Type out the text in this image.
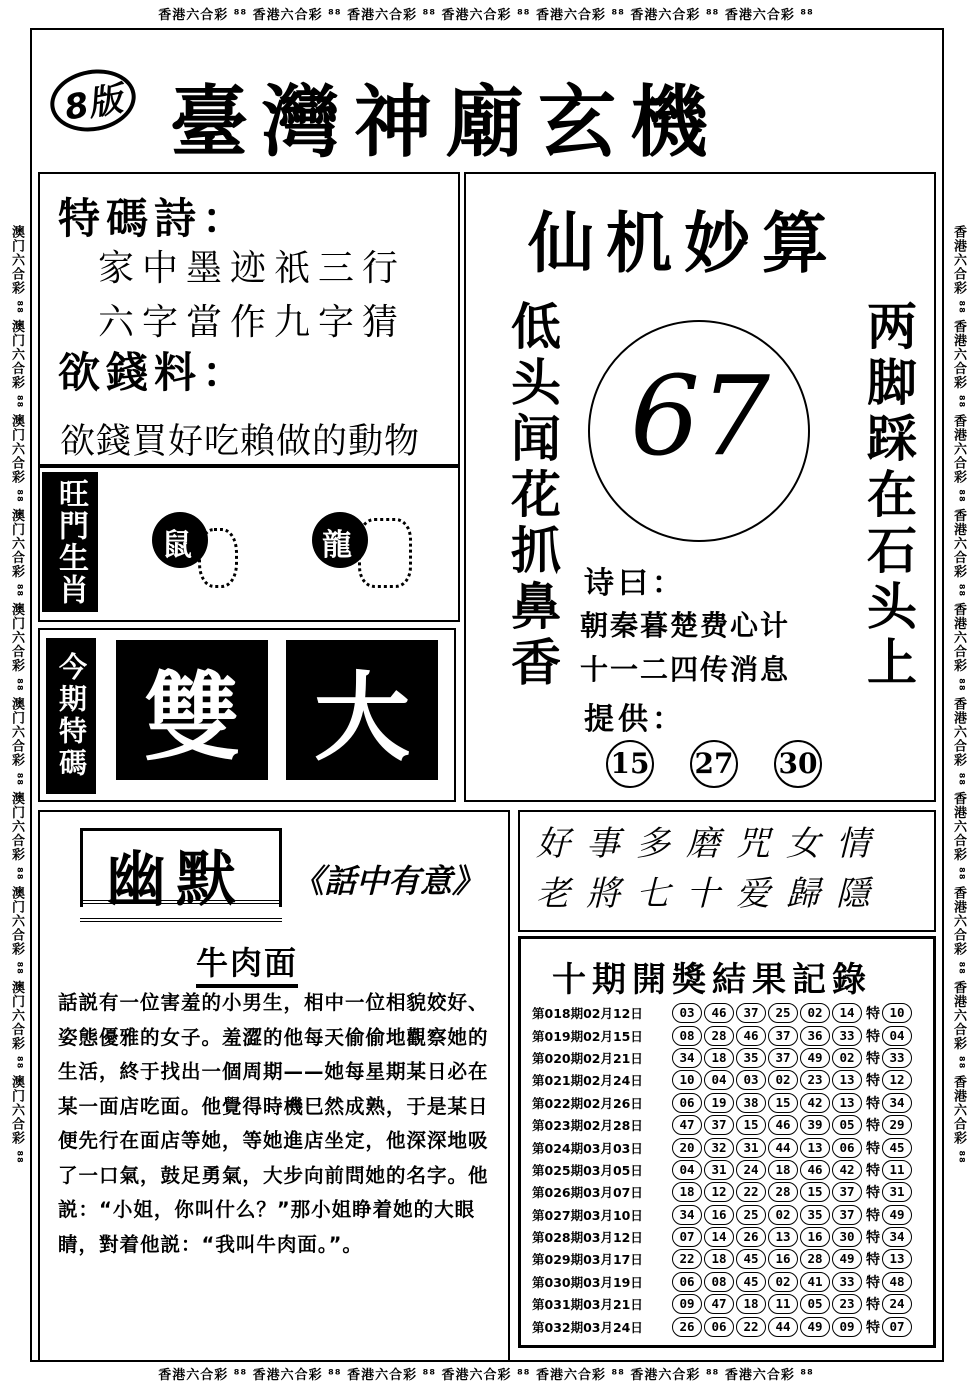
香港六合彩 ⁸⁸ 香港六合彩 ⁸⁸ 香港六合彩 ⁸⁸ 香港六合彩 ⁸⁸ 香港六合彩 ⁸⁸ 香港六合彩 ⁸⁸ 香港六合彩 ⁸⁸
香港六合彩 ⁸⁸ 香港六合彩 ⁸⁸ 香港六合彩 ⁸⁸ 香港六合彩 ⁸⁸ 香港六合彩 ⁸⁸ 香港六合彩 ⁸⁸ 香港六合彩 ⁸⁸
澳门六合彩 ⁸⁸ 澳门六合彩 ⁸⁸ 澳门六合彩 ⁸⁸ 澳门六合彩 ⁸⁸ 澳门六合彩 ⁸⁸ 澳门六合彩 ⁸⁸ 澳门六合彩 ⁸⁸ 澳门六合彩 ⁸⁸ 澳门六合彩 ⁸⁸ 澳门六合彩 ⁸⁸	香港六合彩 ⁸⁸ 香港六合彩 ⁸⁸ 香港六合彩 ⁸⁸ 香港六合彩 ⁸⁸ 香港六合彩 ⁸⁸ 香港六合彩 ⁸⁸ 香港六合彩 ⁸⁸ 香港六合彩 ⁸⁸ 香港六合彩 ⁸⁸ 香港六合彩 ⁸⁸
8版 臺灣神廟玄機
特碼詩：
家中墨迹祇三行
六字當作九字猜
欲錢料：
欲錢買好吃賴做的動物
旺門生肖 鼠	龍
今期特碼 雙 大
仙机妙算
低头闻花抓鼻香	两脚踩在石头上
67
诗曰：
朝秦暮楚费心计
十一二四传消息
提供：
15 27 30
幽默 《話中有意》
牛肉面
話説有一位害羞的小男生，相中一位相貌姣好、姿態優雅的女子。羞澀的他每天偷偷地觀察她的生活，終于找出一個周期——她每星期某日必在某一面店吃面。他覺得時機巳然成熟，于是某日便先行在面店等她，等她進店坐定，他深深地吸了一口氣，鼓足勇氣，大步向前問她的名字。他説：“小姐，你叫什么？”那小姐睁着她的大眼睛，對着他説：“我叫牛肉面。”。
好事多磨咒女情
老將七十爱歸隱
十期開獎結果記錄
第018期02月12日	03	46	37	25	02	14 特 10
第019期02月15日	08	28	46	37	36	33 特 04
第020期02月21日	34	18	35	37	49	02 特 33
第021期02月24日	10	04	03	02	23	13 特 12
第022期02月26日	06	19	38	15	42	13 特 34
第023期02月28日	47	37	15	46	39	05 特 29
第024期03月03日	20	32	31	44	13	06 特 45
第025期03月05日	04	31	24	18	46	42 特 11
第026期03月07日	18	12	22	28	15	37 特 31
第027期03月10日	34	16	25	02	35	37 特 49
第028期03月12日	07	14	26	13	16	30 特 34
第029期03月17日	22	18	45	16	28	49 特 13
第030期03月19日	06	08	45	02	41	33 特 48
第031期03月21日	09	47	18	11	05	23 特 24
第032期03月24日	26	06	22	44	49	09 特 07
